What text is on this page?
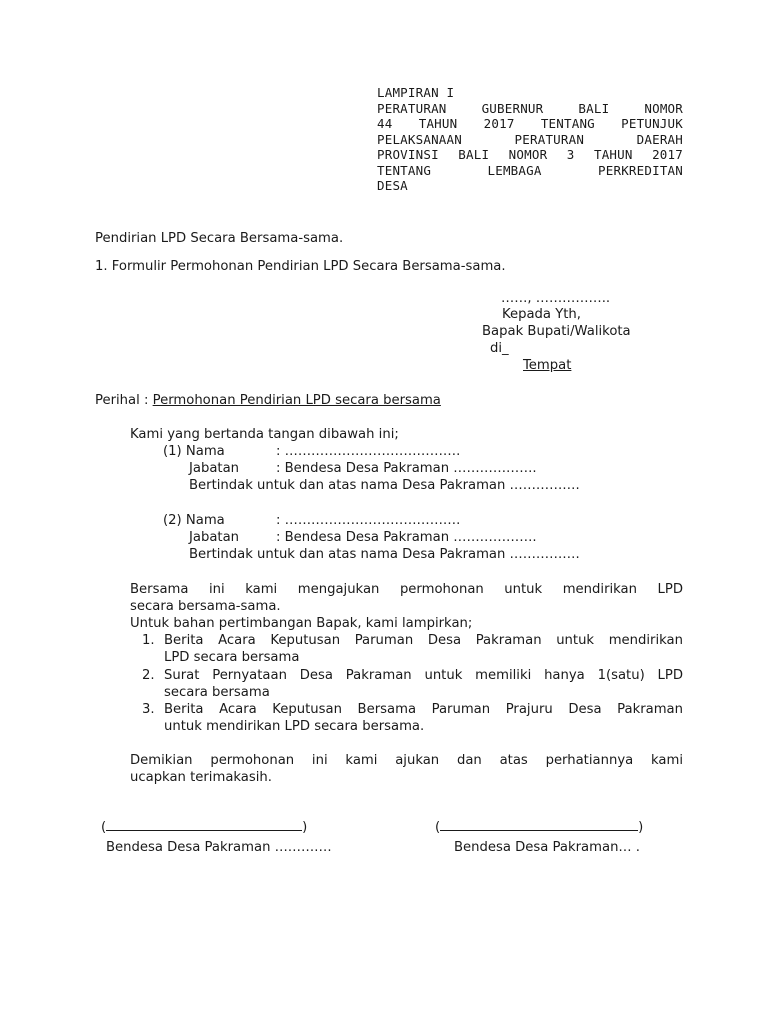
LAMPIRAN I
PERATURAN GUBERNUR BALI NOMOR
44 TAHUN 2017 TENTANG PETUNJUK
PELAKSANAAN PERATURAN DAERAH
PROVINSI BALI NOMOR 3 TAHUN 2017
TENTANG LEMBAGA PERKREDITAN
DESA
Pendirian LPD Secara Bersama-sama.
1. Formulir Permohonan Pendirian LPD Secara Bersama-sama.
……, ……………..
Kepada Yth,
Bapak Bupati/Walikota
di_
Tempat
Perihal : Permohonan Pendirian LPD secara bersama
Kami yang bertanda tangan dibawah ini;
(1) Nama	: ………………………………….
Jabatan	: Bendesa Desa Pakraman ……………….
Bertindak untuk dan atas nama Desa Pakraman …………….
(2) Nama	: ………………………………….
Jabatan	: Bendesa Desa Pakraman ……………….
Bertindak untuk dan atas nama Desa Pakraman …………….
Bersama ini kami mengajukan permohonan untuk mendirikan LPD
secara bersama-sama.
Untuk bahan pertimbangan Bapak, kami lampirkan;
1. Berita Acara Keputusan Paruman Desa Pakraman untuk mendirikan
LPD secara bersama
2. Surat Pernyataan Desa Pakraman untuk memiliki hanya 1(satu) LPD
secara bersama
3. Berita Acara Keputusan Bersama Paruman Prajuru Desa Pakraman
untuk mendirikan LPD secara bersama.
Demikian permohonan ini kami ajukan dan atas perhatiannya kami
ucapkan terimakasih.
(	)
Bendesa Desa Pakraman ………….
(	)
Bendesa Desa Pakraman… .
